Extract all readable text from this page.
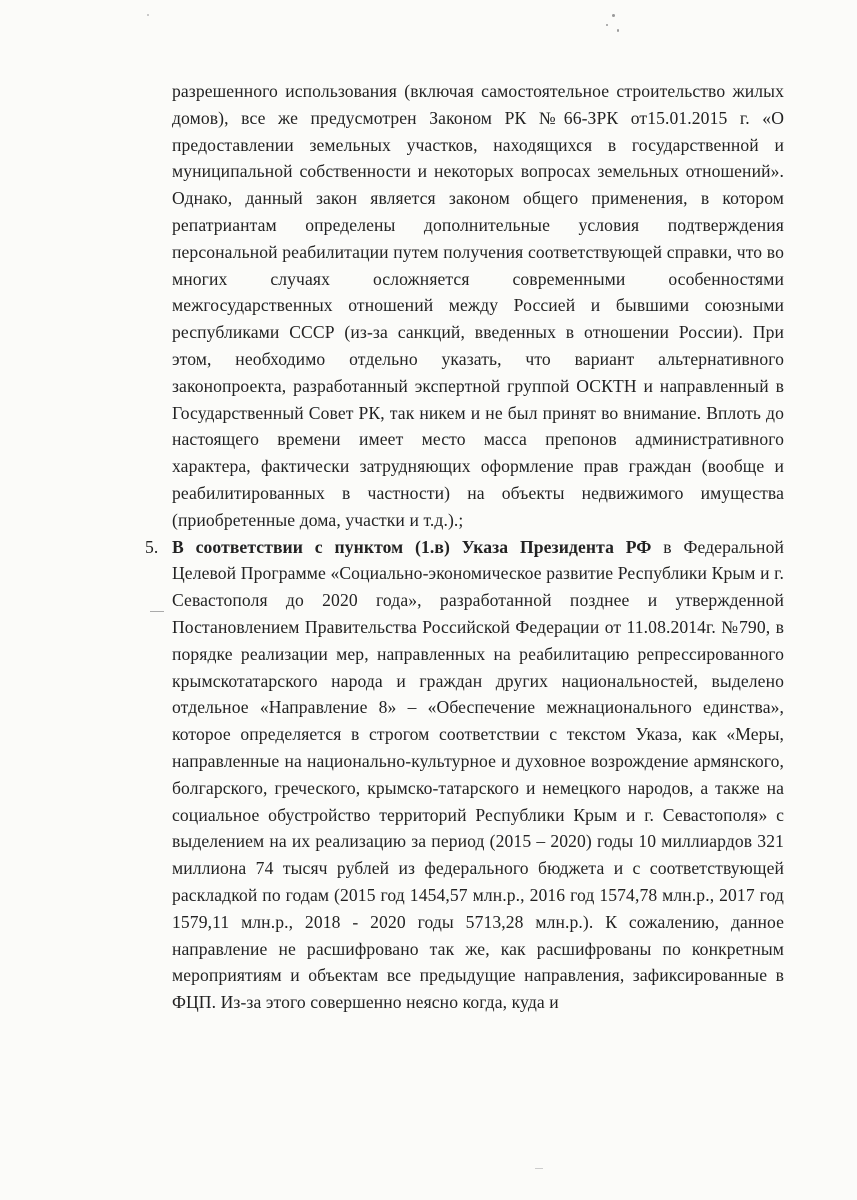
разрешенного использования (включая самостоятельное строительство жилых домов), все же предусмотрен Законом РК №66-ЗРК от15.01.2015 г. «О предоставлении земельных участков, находящихся в государственной и муниципальной собственности и некоторых вопросах земельных отношений». Однако, данный закон является законом общего применения, в котором репатриантам определены дополнительные условия подтверждения персональной реабилитации путем получения соответствующей справки, что во многих случаях осложняется современными особенностями межгосударственных отношений между Россией и бывшими союзными республиками СССР (из-за санкций, введенных в отношении России). При этом, необходимо отдельно указать, что вариант альтернативного законопроекта, разработанный экспертной группой ОСКТН и направленный в Государственный Совет РК, так никем и не был принят во внимание. Вплоть до настоящего времени имеет место масса препонов административного характера, фактически затрудняющих оформление прав граждан (вообще и реабилитированных в частности) на объекты недвижимого имущества (приобретенные дома, участки и т.д.).;

5. В соответствии с пунктом (1.в) Указа Президента РФ в Федеральной Целевой Программе «Социально-экономическое развитие Республики Крым и г. Севастополя до 2020 года», разработанной позднее и утвержденной Постановлением Правительства Российской Федерации от 11.08.2014г. №790, в порядке реализации мер, направленных на реабилитацию репрессированного крымскотатарского народа и граждан других национальностей, выделено отдельное «Направление 8» – «Обеспечение межнационального единства», которое определяется в строгом соответствии с текстом Указа, как «Меры, направленные на национально-культурное и духовное возрождение армянского, болгарского, греческого, крымско-татарского и немецкого народов, а также на социальное обустройство территорий Республики Крым и г. Севастополя» с выделением на их реализацию за период (2015 – 2020) годы 10 миллиардов 321 миллиона 74 тысяч рублей из федерального бюджета и с соответствующей раскладкой по годам (2015 год 1454,57 млн.р., 2016 год 1574,78 млн.р., 2017 год 1579,11 млн.р., 2018 - 2020 годы 5713,28 млн.р.). К сожалению, данное направление не расшифровано так же, как расшифрованы по конкретным мероприятиям и объектам все предыдущие направления, зафиксированные в ФЦП. Из-за этого совершенно неясно когда, куда и
